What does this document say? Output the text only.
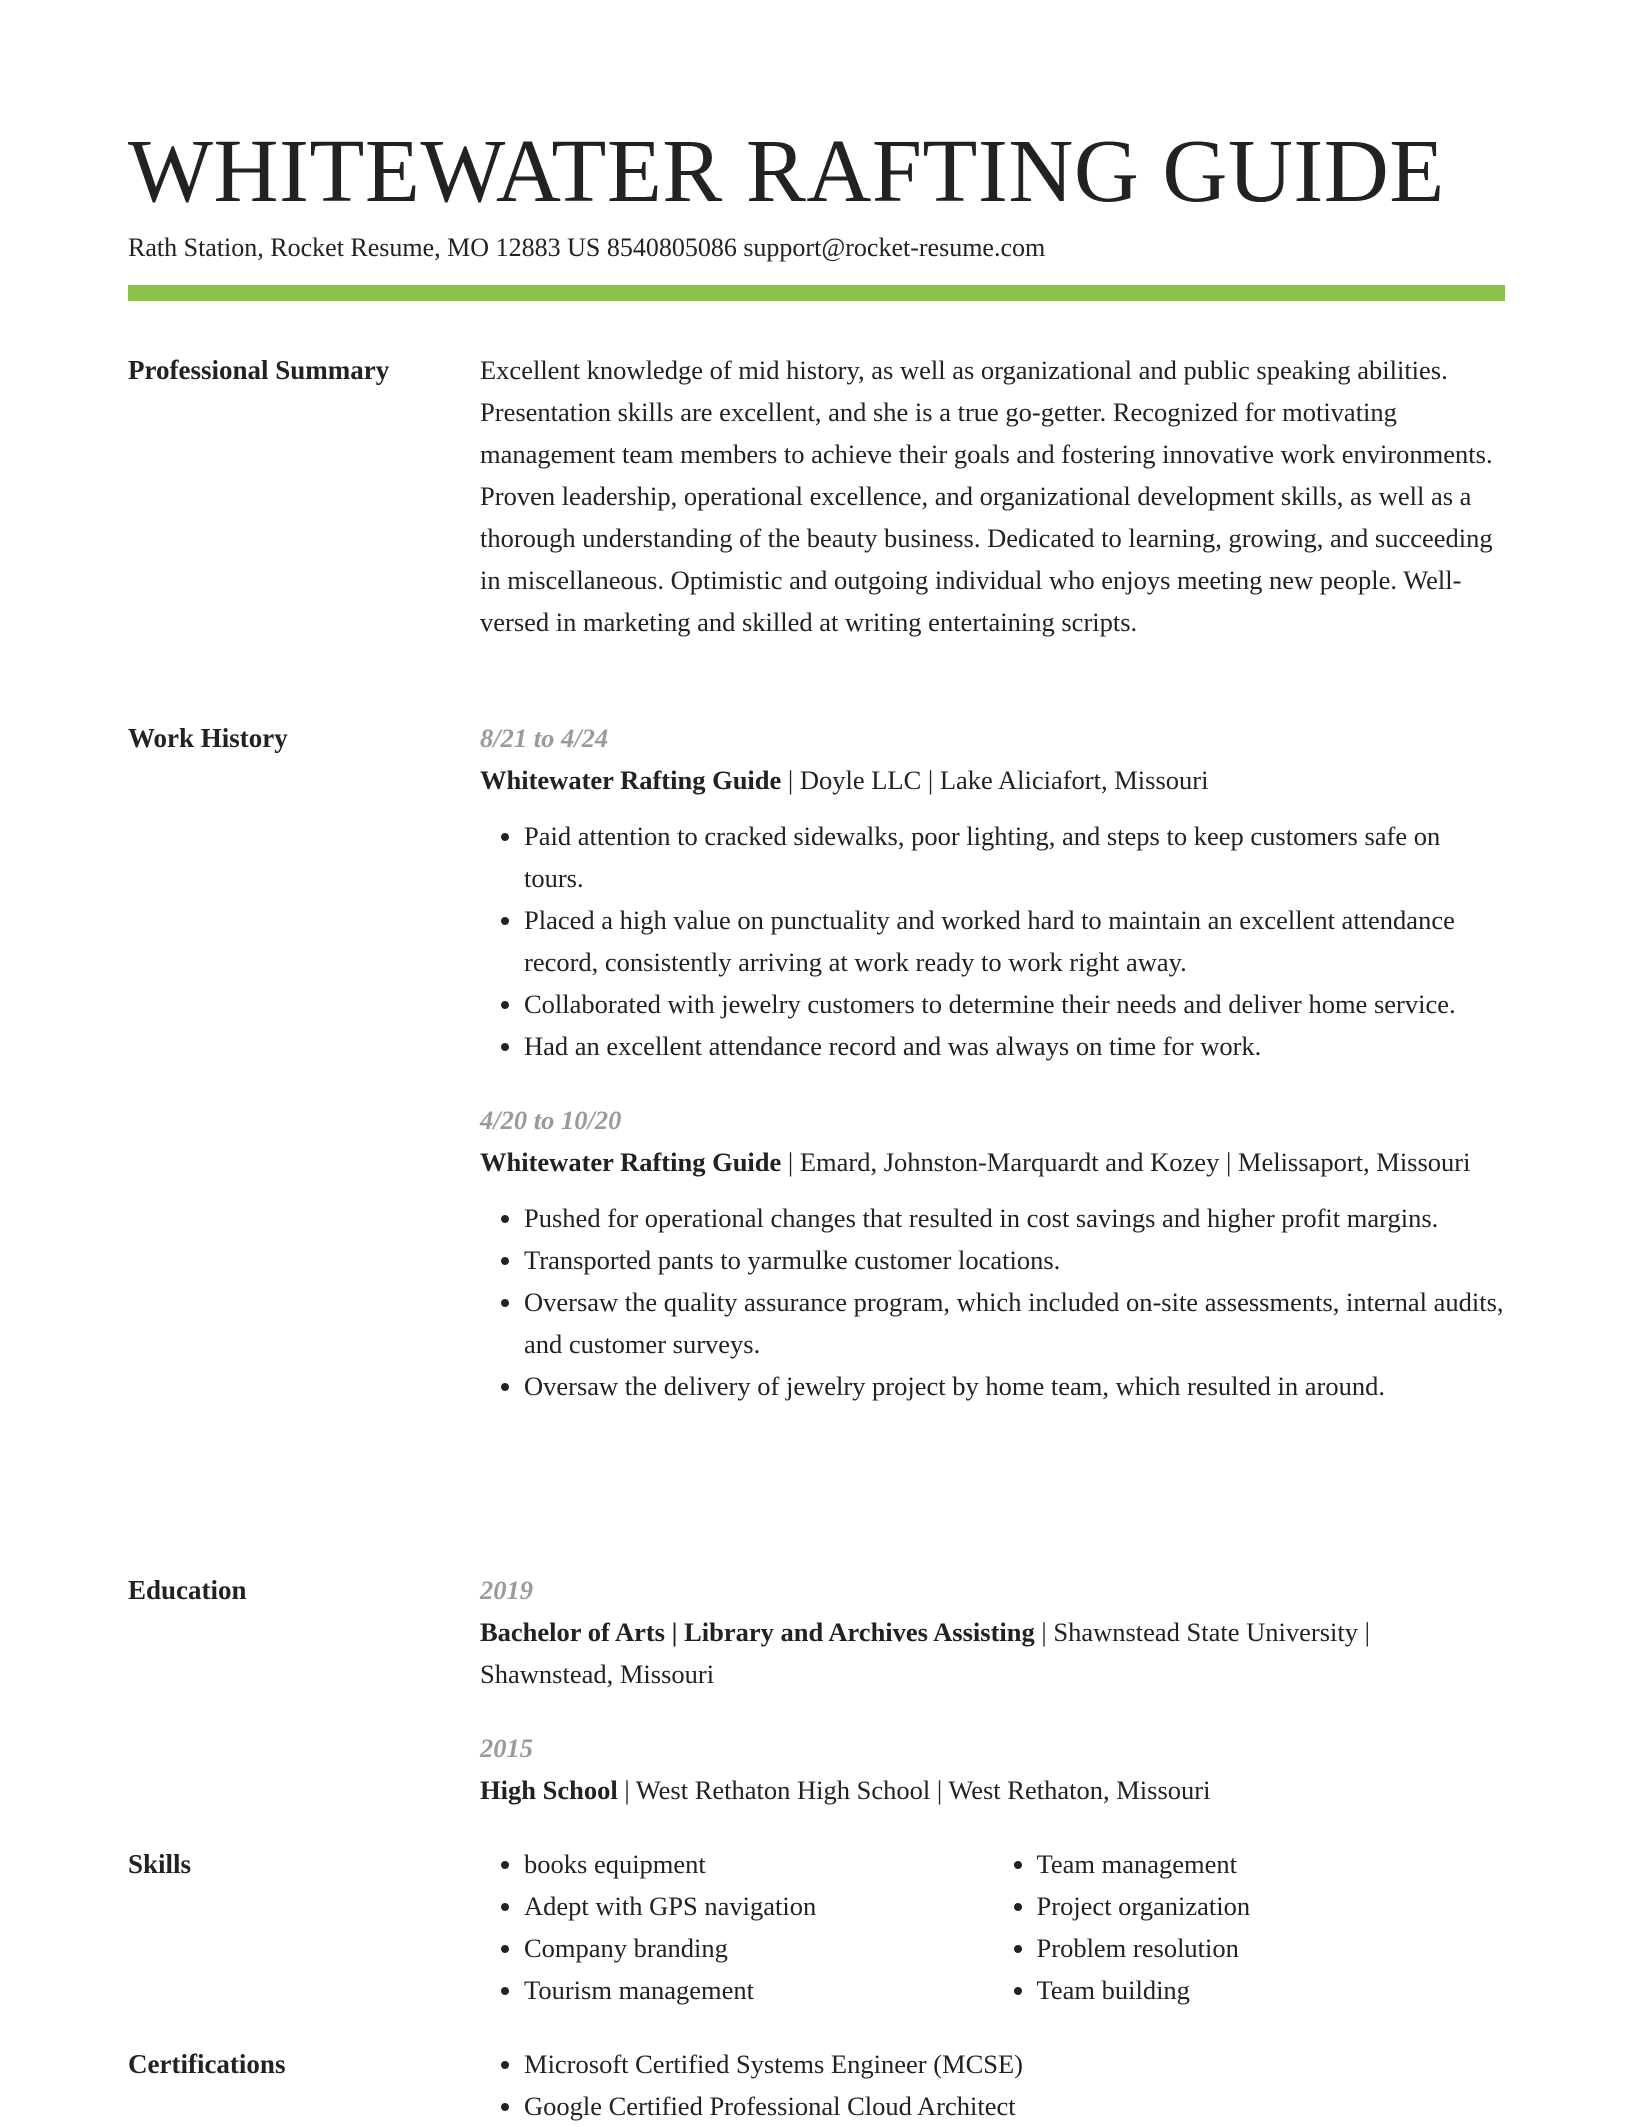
WHITEWATER RAFTING GUIDE
Rath Station, Rocket Resume, MO 12883 US 8540805086 support@rocket-resume.com
Professional Summary	Excellent knowledge of mid history, as well as organizational and public speaking abilities. Presentation skills are excellent, and she is a true go-getter. Recognized for motivating management team members to achieve their goals and fostering innovative work environments. Proven leadership, operational excellence, and organizational development skills, as well as a thorough understanding of the beauty business. Dedicated to learning, growing, and succeeding in miscellaneous. Optimistic and outgoing individual who enjoys meeting new people. Well-versed in marketing and skilled at writing entertaining scripts.

Work History	8/21 to 4/24

Whitewater Rafting Guide | Doyle LLC | Lake Aliciafort, Missouri

• Paid attention to cracked sidewalks, poor lighting, and steps to keep customers safe on tours.
• Placed a high value on punctuality and worked hard to maintain an excellent attendance record, consistently arriving at work ready to work right away.
• Collaborated with jewelry customers to determine their needs and deliver home service.
• Had an excellent attendance record and was always on time for work.
4/20 to 10/20

Whitewater Rafting Guide | Emard, Johnston-Marquardt and Kozey | Melissaport, Missouri

• Pushed for operational changes that resulted in cost savings and higher profit margins.
• Transported pants to yarmulke customer locations.
• Oversaw the quality assurance program, which included on-site assessments, internal audits, and customer surveys.
• Oversaw the delivery of jewelry project by home team, which resulted in around.
Education	2019

Bachelor of Arts | Library and Archives Assisting | Shawnstead State University | Shawnstead, Missouri

2015

High School | West Rethaton High School | West Rethaton, Missouri

Skills	• books equipment
• Adept with GPS navigation
• Company branding
• Tourism management
• Team management
• Project organization
• Problem resolution
• Team building
Certifications	• Microsoft Certified Systems Engineer (MCSE)
• Google Certified Professional Cloud Architect
